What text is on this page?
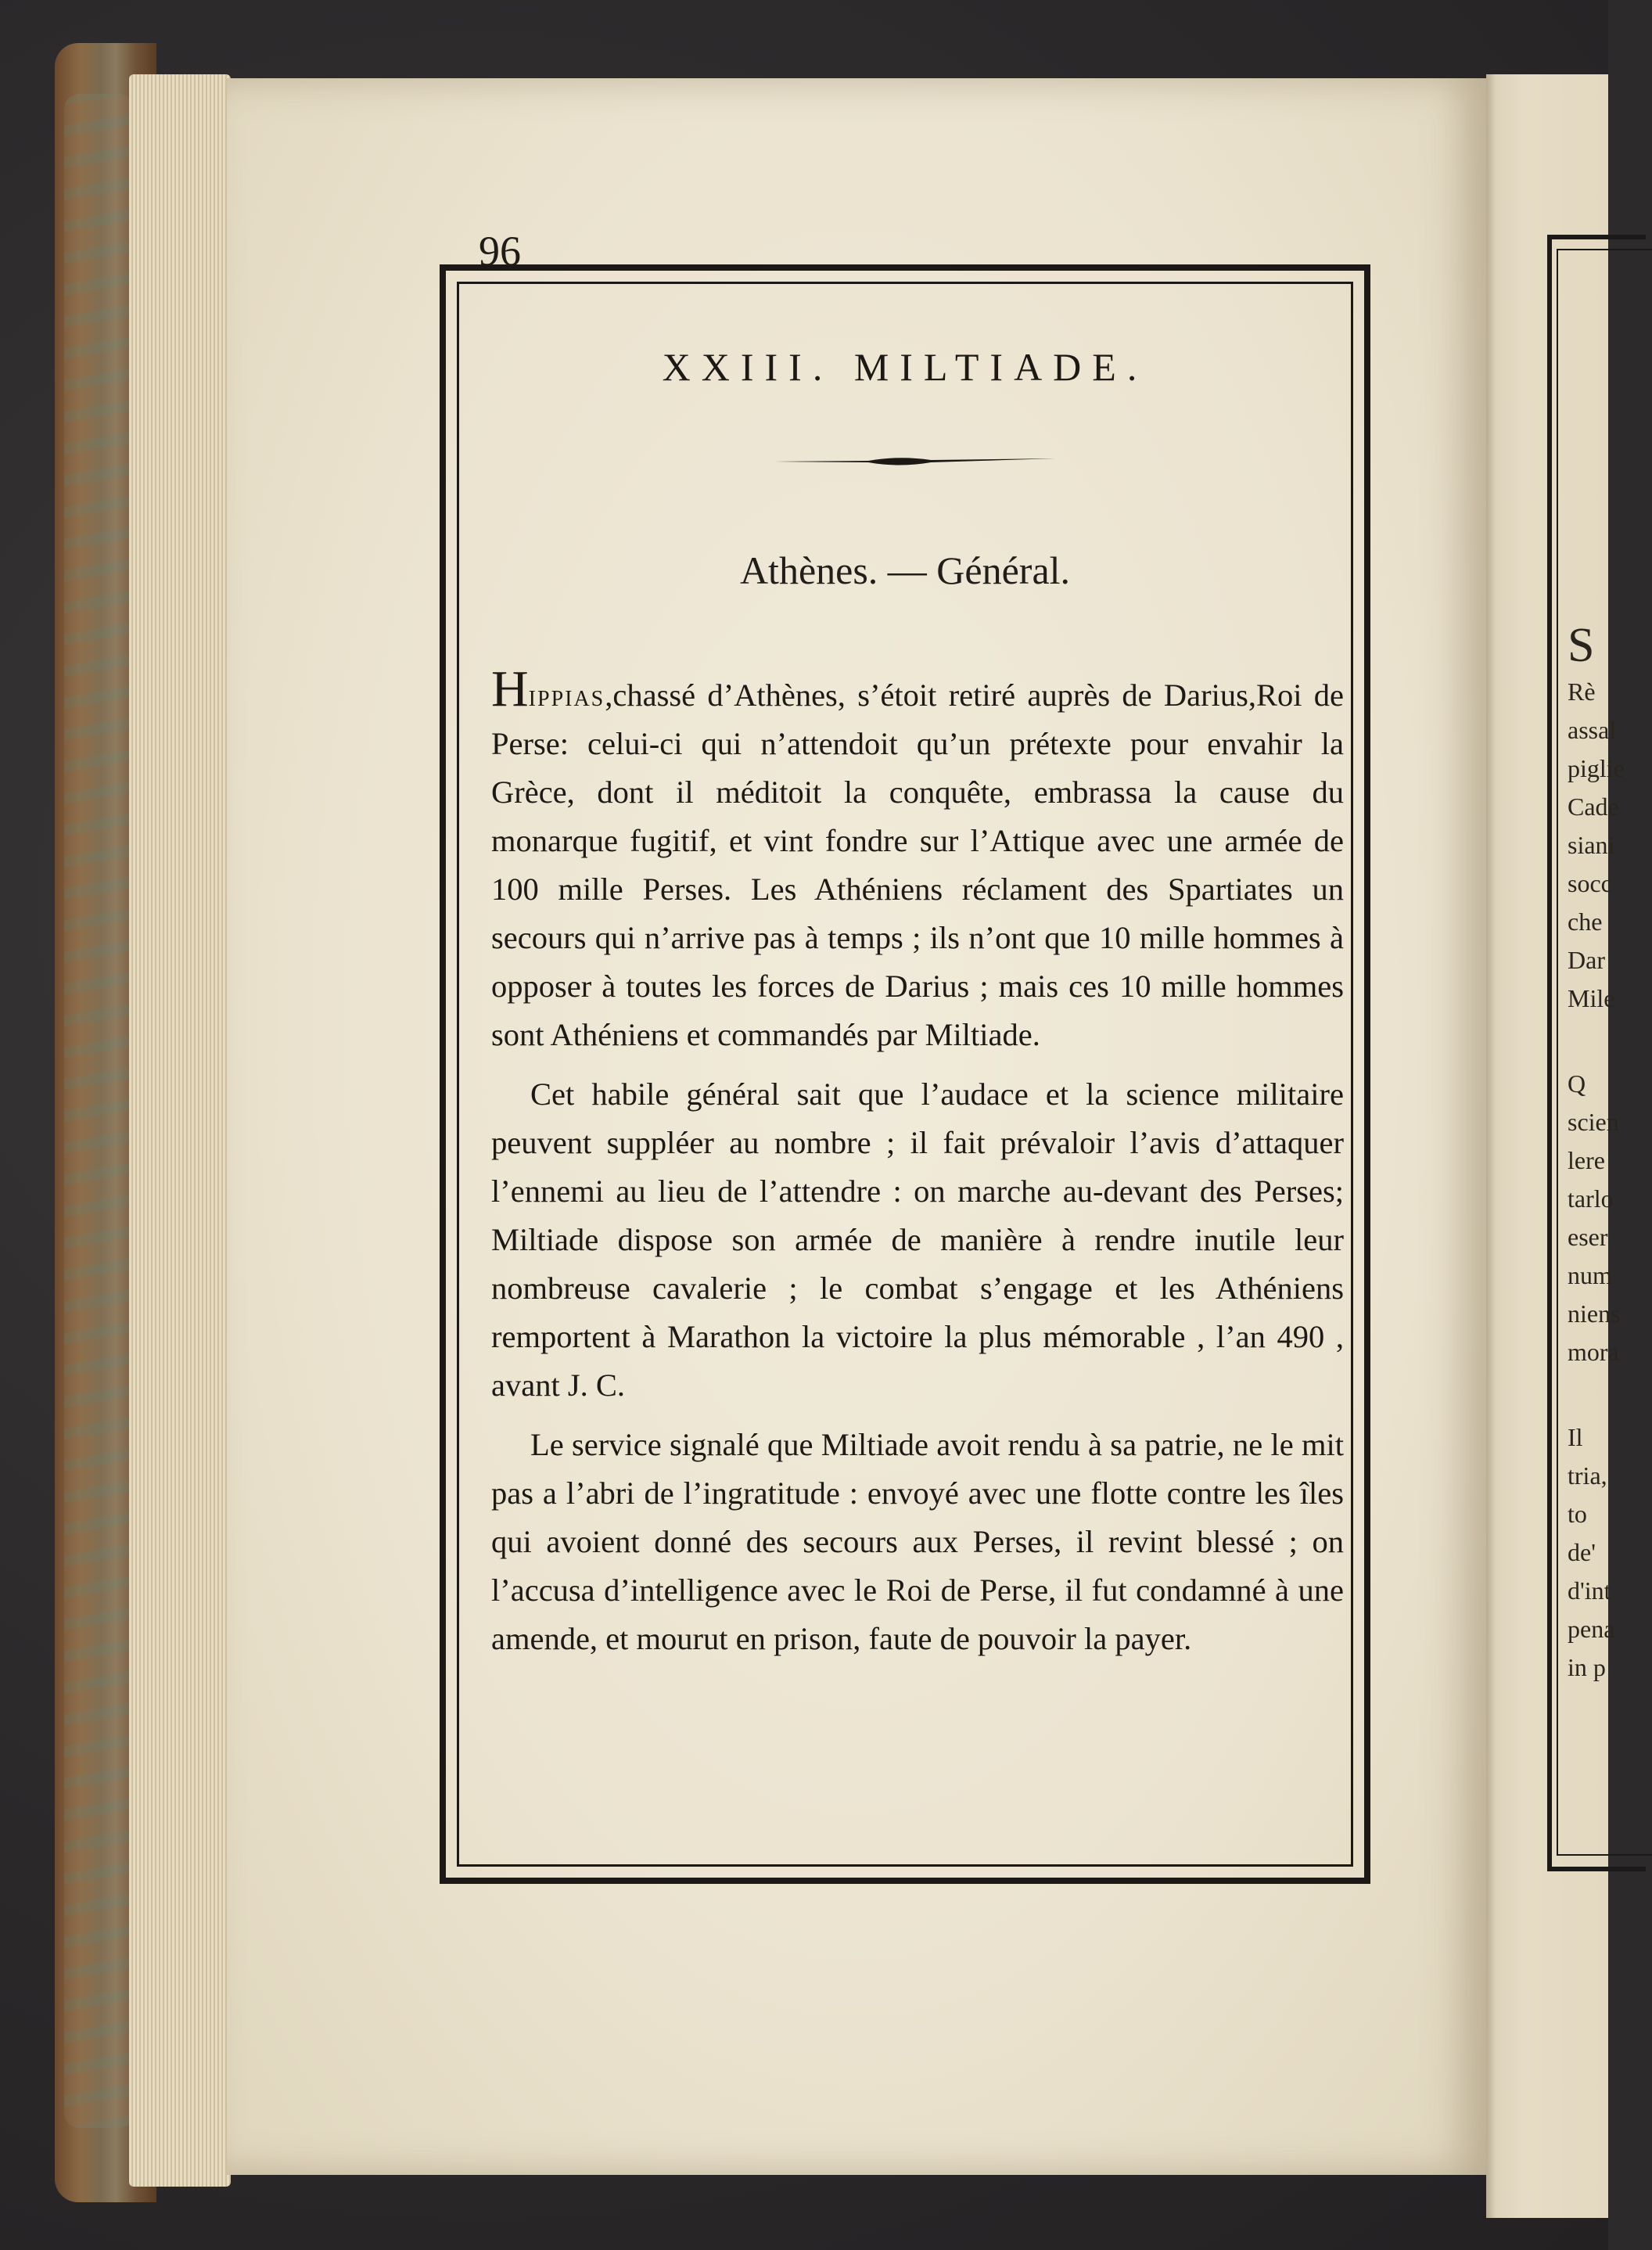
S
Rè
assal
piglie
Cade
siani
socc
che
Dar
Mile
Q
scien
lere
tarlo
eser
num
niens
mora
Il
tria,
to
de'
d'int
pena
in p
96
XXIII. MILTIADE.
Athènes. — Général.

Hippias,chassé d’Athènes, s’étoit retiré auprès de Darius,Roi de Perse: celui-ci qui n’attendoit qu’un prétexte pour envahir la Grèce, dont il méditoit la conquête, embrassa la cause du monarque fugitif, et vint fondre sur l’Attique avec une armée de 100 mille Perses. Les Athéniens réclament des Spartiates un secours qui n’arrive pas à temps ; ils n’ont que 10 mille hommes à opposer à toutes les forces de Darius ; mais ces 10 mille hommes sont Athéniens et commandés par Miltiade.

Cet habile général sait que l’audace et la science militaire peuvent suppléer au nombre ; il fait prévaloir l’avis d’attaquer l’ennemi au lieu de l’attendre : on marche au-devant des Perses; Miltiade dispose son armée de manière à rendre inutile leur nombreuse cavalerie ; le combat s’engage et les Athéniens remportent à Marathon la victoire la plus mémorable , l’an 490 , avant J. C.

Le service signalé que Miltiade avoit rendu à sa patrie, ne le mit pas a l’abri de l’ingratitude : envoyé avec une flotte contre les îles qui avoient donné des secours aux Perses, il revint blessé ; on l’accusa d’intelligence avec le Roi de Perse, il fut condamné à une amende, et mourut en prison, faute de pouvoir la payer.
